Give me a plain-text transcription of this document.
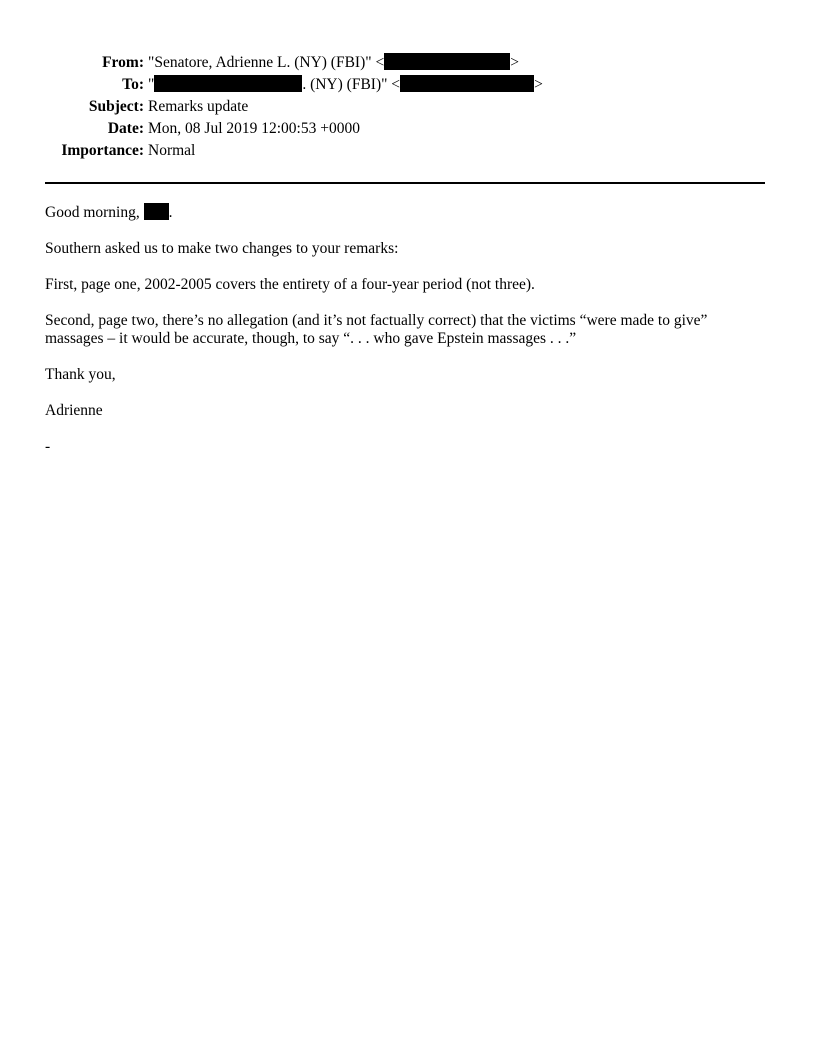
From: "Senatore, Adrienne L. (NY) (FBI)" <	>
To: "	. (NY) (FBI)" <	>
Subject: Remarks update
Date: Mon, 08 Jul 2019 12:00:53 +0000
Importance: Normal

Good morning, .

Southern asked us to make two changes to your remarks:

First, page one, 2002-2005 covers the entirety of a four-year period (not three).

Second, page two, there’s no allegation (and it’s not factually correct) that the victims “were made to give” massages – it would be accurate, though, to say “. . . who gave Epstein massages . . .”

Thank you,

Adrienne

-
